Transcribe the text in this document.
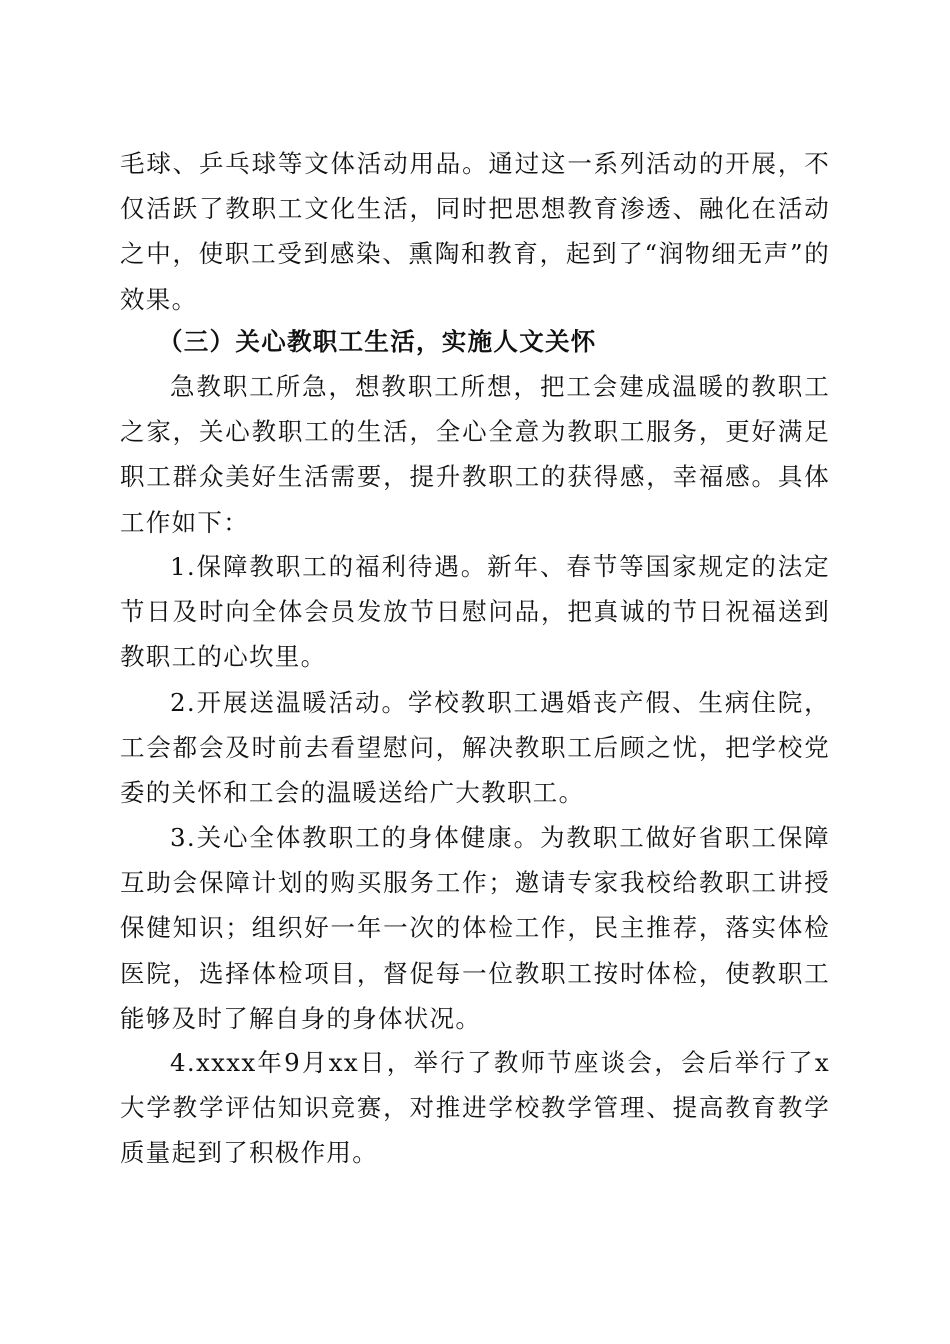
毛球、乒乓球等文体活动用品。通过这一系列活动的开展，不仅活跃了教职工文化生活，同时把思想教育渗透、融化在活动之中，使职工受到感染、熏陶和教育，起到了“润物细无声”的效果。

（三）关心教职工生活，实施人文关怀

急教职工所急，想教职工所想，把工会建成温暖的教职工之家，关心教职工的生活，全心全意为教职工服务，更好满足职工群众美好生活需要，提升教职工的获得感，幸福感。具体工作如下：

1.保障教职工的福利待遇。新年、春节等国家规定的法定节日及时向全体会员发放节日慰问品，把真诚的节日祝福送到教职工的心坎里。

2.开展送温暖活动。学校教职工遇婚丧产假、生病住院，工会都会及时前去看望慰问，解决教职工后顾之忧，把学校党委的关怀和工会的温暖送给广大教职工。

3.关心全体教职工的身体健康。为教职工做好省职工保障互助会保障计划的购买服务工作；邀请专家我校给教职工讲授保健知识；组织好一年一次的体检工作，民主推荐，落实体检医院，选择体检项目，督促每一位教职工按时体检，使教职工能够及时了解自身的身体状况。

4.xxxx年9月xx日，举行了教师节座谈会，会后举行了x大学教学评估知识竞赛，对推进学校教学管理、提高教育教学质量起到了积极作用。
